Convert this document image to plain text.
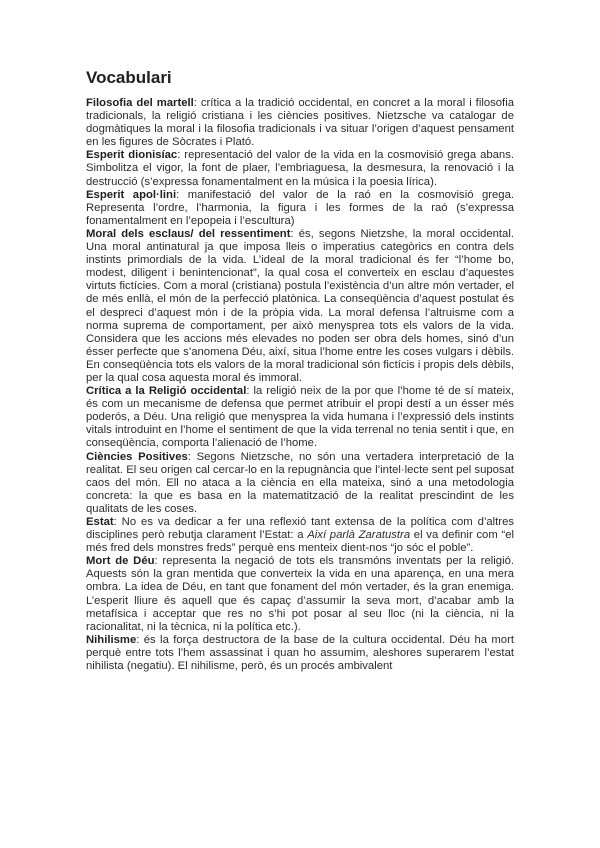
Vocabulari

Filosofia del martell: crítica a la tradició occidental, en concret a la moral i filosofia tradicionals, la religió cristiana i les ciències positives. Nietzsche va catalogar de dogmàtiques la moral i la filosofia tradicionals i va situar l’origen d’aquest pensament en les figures de Sòcrates i Plató.

Esperit dionisíac: representació del valor de la vida en la cosmovisió grega abans. Simbolitza el vigor, la font de plaer, l’embriaguesa, la desmesura, la renovació i la destrucció (s’expressa fonamentalment en la música i la poesia lírica).

Esperit apol·lini: manifestació del valor de la raó en la cosmovisió grega. Representa l’ordre, l’harmonia, la figura i les formes de la raó (s’expressa fonamentalment en l’epopeia i l’escultura)

Moral dels esclaus/ del ressentiment: és, segons Nietzshe, la moral occidental. Una moral antinatural ja que imposa lleis o imperatius categòrics en contra dels instints primordials de la vida. L’ideal de la moral tradicional és fer “l’home bo, modest, diligent i benintencionat”, la qual cosa el converteix en esclau d’aquestes virtuts fictícies. Com a moral (cristiana) postula l’existència d’un altre món vertader, el de més enllà, el món de la perfecció platònica. La conseqüència d’aquest postulat és el despreci d’aquest món i de la pròpia vida. La moral defensa l’altruisme com a norma suprema de comportament, per això menysprea tots els valors de la vida. Considera que les accions més elevades no poden ser obra dels homes, sinó d’un ésser perfecte que s’anomena Déu, així, situa l’home entre les coses vulgars i dèbils. En conseqüència tots els valors de la moral tradicional són fictícis i propis dels dèbils, per la qual cosa aquesta moral és immoral.

Crítica a la Religió occidental: la religió neix de la por que l’home té de sí mateix, és com un mecanisme de defensa que permet atribuir el propi destí a un ésser més poderós, a Déu. Una religió que menysprea la vida humana i l’expressió dels instints vitals introduint en l’home el sentiment de que la vida terrenal no tenia sentit i que, en conseqüència, comporta l’alienació de l’home.

Ciències Positives: Segons Nietzsche, no són una vertadera interpretació de la realitat. El seu origen cal cercar-lo en la repugnància que l’intel·lecte sent pel suposat caos del món. Ell no ataca a la ciència en ella mateixa, sinó a una metodologia concreta: la que es basa en la matematització de la realitat prescindint de les qualitats de les coses.

Estat: No es va dedicar a fer una reflexió tant extensa de la política com d’altres disciplines però rebutja clarament l’Estat: a Així parlà Zaratustra el va definir com “el més fred dels monstres freds” perquè ens menteix dient-nos “jo sóc el poble”.

Mort de Déu: representa la negació de tots els transmóns inventats per la religió. Aquests són la gran mentida que converteix la vida en una aparença, en una mera ombra. La idea de Déu, en tant que fonament del món vertader, és la gran enemiga. L’esperit lliure és aquell que és capaç d’assumir la seva mort, d’acabar amb la metafísica i acceptar que res no s’hi pot posar al seu lloc (ni la ciència, ni la racionalitat, ni la tècnica, ni la política etc.).

Nihilisme: és la força destructora de la base de la cultura occidental. Déu ha mort perquè entre tots l’hem assassinat i quan ho assumim, aleshores superarem l’estat nihilista (negatiu). El nihilisme, però, és un procés ambivalent
